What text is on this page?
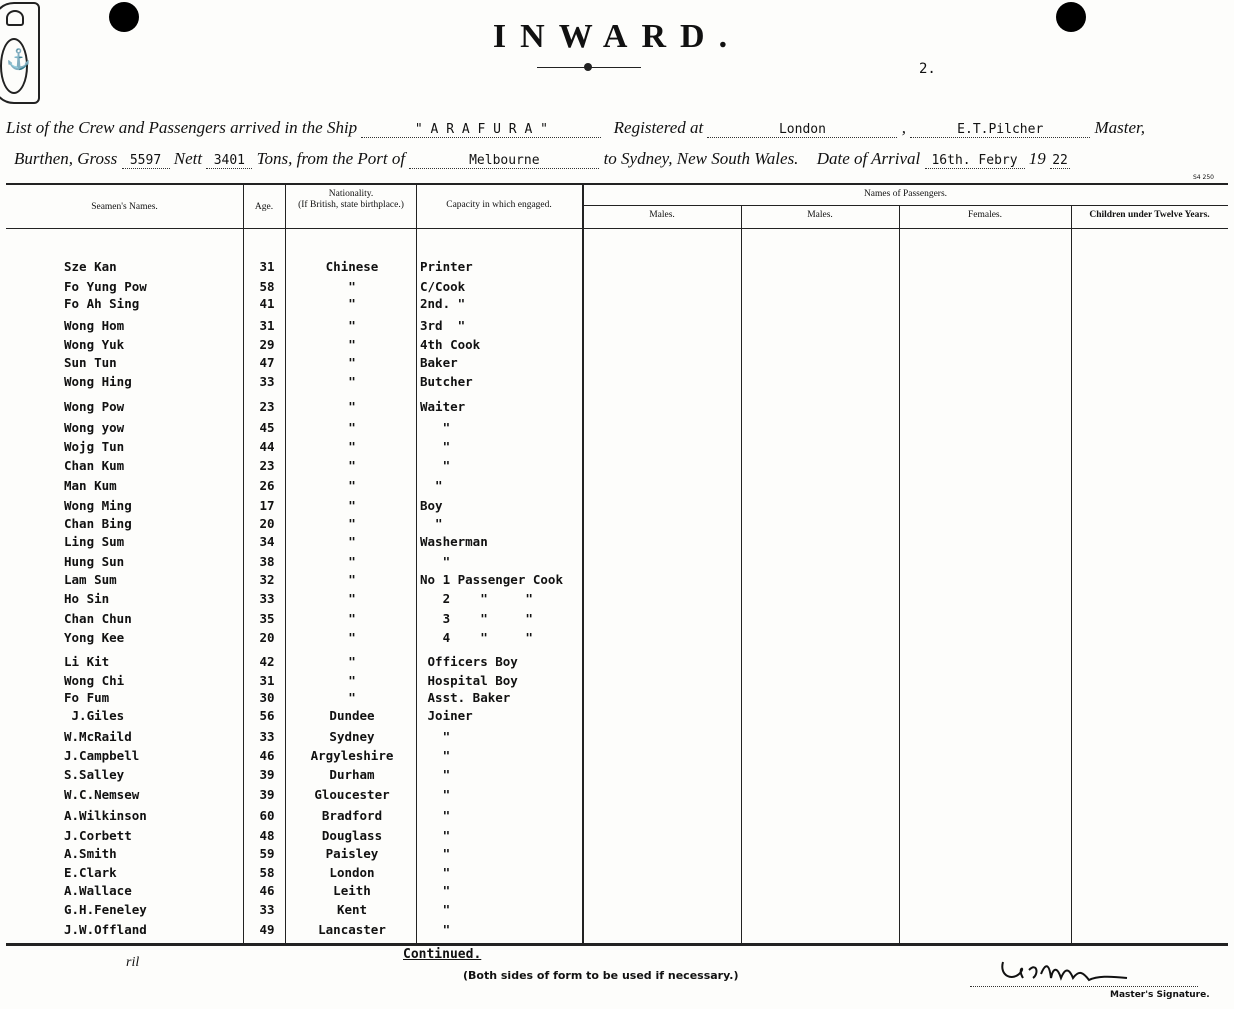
⚓
INWARD.
2.
List of the Crew and Passengers arrived in the Ship	" A R A F U R A "	Registered at	London	,	E.T.Pilcher	Master,
Burthen, Gross 5597 Nett 3401 Tons, from the Port of	Melbourne	to Sydney, New South Wales. Date of Arrival 16th. Febry 19 22
S4 250
Seamen's Names.	Age.
Nationality.
(If British, state birthplace.)	Capacity in which engaged.
Names of Passengers.
Males.	Males.	Females.	Children under Twelve Years.
Sze Kan	31	Chinese	Printer
Fo Yung Pow	58	"	C/Cook
Fo Ah Sing	41	"	2nd. "
Wong Hom	31	"	3rd  "
Wong Yuk	29	"	4th Cook
Sun Tun	47	"	Baker
Wong Hing	33	"	Butcher
Wong Pow	23	"	Waiter
Wong yow	45	"	"
Wojg Tun	44	"	"
Chan Kum	23	"	"
Man Kum	26	"	"
Wong Ming	17	"	Boy
Chan Bing	20	"	"
Ling Sum	34	"	Washerman
Hung Sun	38	"	"
Lam Sum	32	"	No 1 Passenger Cook
Ho Sin	33	"	2    "     "
Chan Chun	35	"	3    "     "
Yong Kee	20	"	4    "     "
Li Kit	42	"	Officers Boy
Wong Chi	31	"	Hospital Boy
Fo Fum	30	"	Asst. Baker
J.Giles	56	Dundee	Joiner
W.McRaild	33	Sydney	"
J.Campbell	46	Argyleshire	"
S.Salley	39	Durham	"
W.C.Nemsew	39	Gloucester	"
A.Wilkinson	60	Bradford	"
J.Corbett	48	Douglass	"
A.Smith	59	Paisley	"
E.Clark	58	London	"
A.Wallace	46	Leith	"
G.H.Feneley	33	Kent	"
J.W.Offland	49	Lancaster	"
ril
Continued.
(Both sides of form to be used if necessary.)
Master's Signature.
